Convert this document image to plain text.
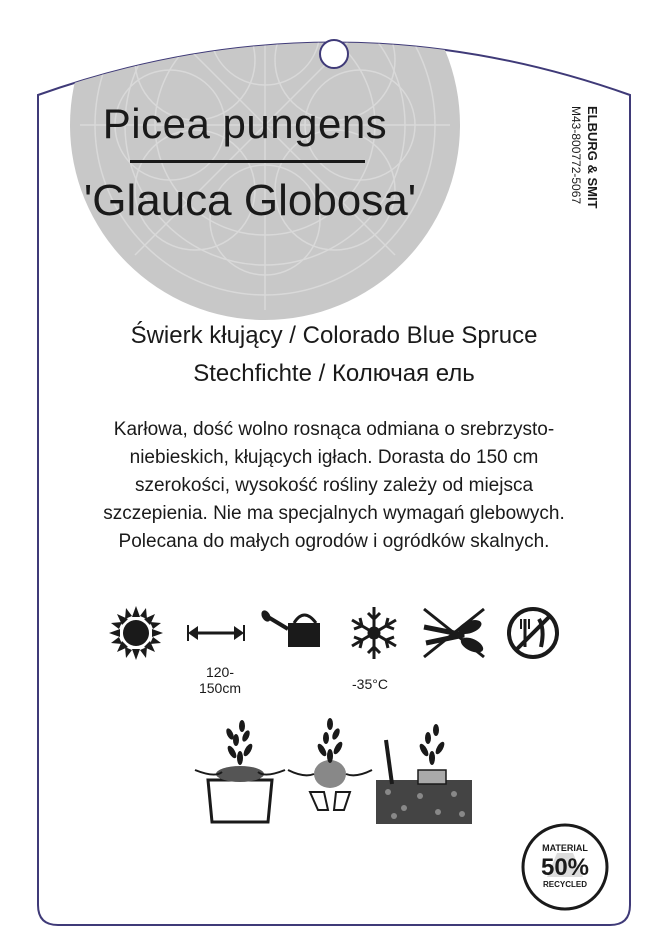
MATERIAL
50%
RECYCLED
ELBURG & SMIT
M43-800772-5067
Picea pungens
'Glauca Globosa'
Świerk kłujący / Colorado Blue Spruce
Stechfichte / Колючая ель
Karłowa, dość wolno rosnąca odmiana o srebrzysto-
niebieskich, kłujących igłach. Dorasta do 150 cm
szerokości, wysokość rośliny zależy od miejsca
szczepienia. Nie ma specjalnych wymagań glebowych.
Polecana do małych ogrodów i ogródków skalnych.
120-
150cm	-35°C
